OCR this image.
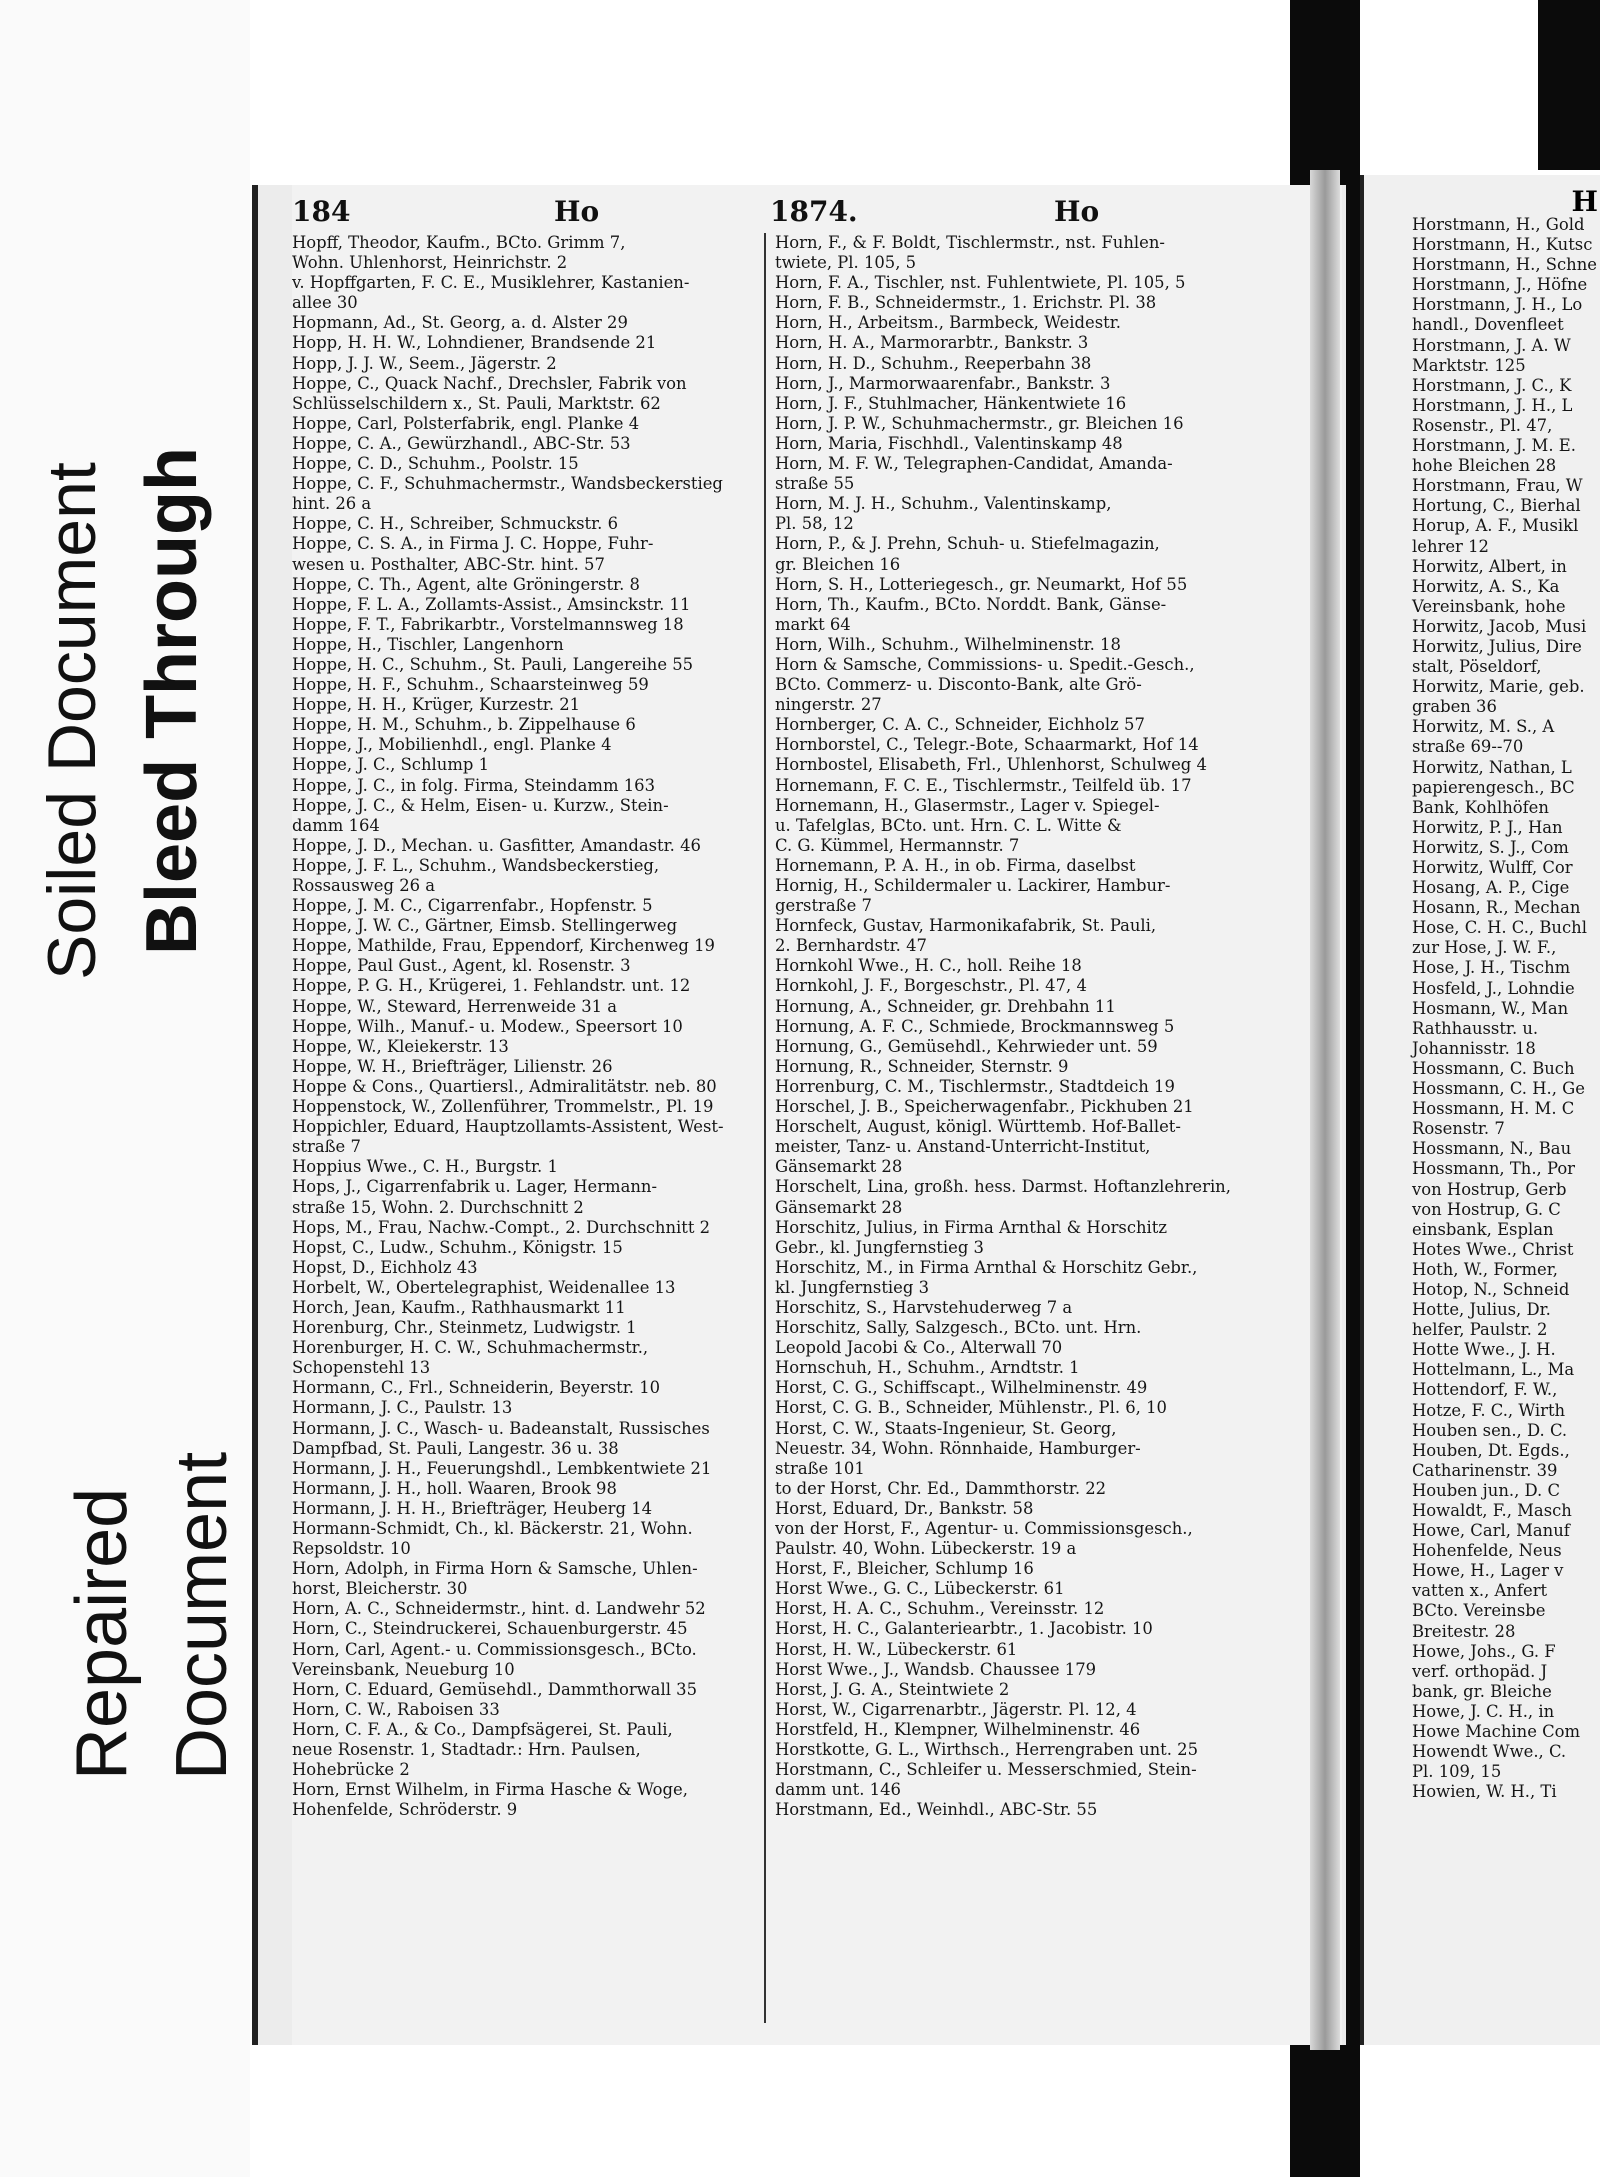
Soiled Document Bleed Through
Repaired Document
184	Ho	1874.	Ho
Hopff, Theodor, Kaufm., BCto. Grimm 7,
Wohn. Uhlenhorst, Heinrichstr. 2
v. Hopffgarten, F. C. E., Musiklehrer, Kastanien-
allee 30
Hopmann, Ad., St. Georg, a. d. Alster 29
Hopp, H. H. W., Lohndiener, Brandsende 21
Hopp, J. J. W., Seem., Jägerstr. 2
Hoppe, C., Quack Nachf., Drechsler, Fabrik von
Schlüsselschildern x., St. Pauli, Marktstr. 62
Hoppe, Carl, Polsterfabrik, engl. Planke 4
Hoppe, C. A., Gewürzhandl., ABC-Str. 53
Hoppe, C. D., Schuhm., Poolstr. 15
Hoppe, C. F., Schuhmachermstr., Wandsbeckerstieg
hint. 26 a
Hoppe, C. H., Schreiber, Schmuckstr. 6
Hoppe, C. S. A., in Firma J. C. Hoppe, Fuhr-
wesen u. Posthalter, ABC-Str. hint. 57
Hoppe, C. Th., Agent, alte Gröningerstr. 8
Hoppe, F. L. A., Zollamts-Assist., Amsinckstr. 11
Hoppe, F. T., Fabrikarbtr., Vorstelmannsweg 18
Hoppe, H., Tischler, Langenhorn
Hoppe, H. C., Schuhm., St. Pauli, Langereihe 55
Hoppe, H. F., Schuhm., Schaarsteinweg 59
Hoppe, H. H., Krüger, Kurzestr. 21
Hoppe, H. M., Schuhm., b. Zippelhause 6
Hoppe, J., Mobilienhdl., engl. Planke 4
Hoppe, J. C., Schlump 1
Hoppe, J. C., in folg. Firma, Steindamm 163
Hoppe, J. C., & Helm, Eisen- u. Kurzw., Stein-
damm 164
Hoppe, J. D., Mechan. u. Gasfitter, Amandastr. 46
Hoppe, J. F. L., Schuhm., Wandsbeckerstieg,
Rossausweg 26 a
Hoppe, J. M. C., Cigarrenfabr., Hopfenstr. 5
Hoppe, J. W. C., Gärtner, Eimsb. Stellingerweg
Hoppe, Mathilde, Frau, Eppendorf, Kirchenweg 19
Hoppe, Paul Gust., Agent, kl. Rosenstr. 3
Hoppe, P. G. H., Krügerei, 1. Fehlandstr. unt. 12
Hoppe, W., Steward, Herrenweide 31 a
Hoppe, Wilh., Manuf.- u. Modew., Speersort 10
Hoppe, W., Kleiekerstr. 13
Hoppe, W. H., Briefträger, Lilienstr. 26
Hoppe & Cons., Quartiersl., Admiralitätstr. neb. 80
Hoppenstock, W., Zollenführer, Trommelstr., Pl. 19
Hoppichler, Eduard, Hauptzollamts-Assistent, West-
straße 7
Hoppius Wwe., C. H., Burgstr. 1
Hops, J., Cigarrenfabrik u. Lager, Hermann-
straße 15, Wohn. 2. Durchschnitt 2
Hops, M., Frau, Nachw.-Compt., 2. Durchschnitt 2
Hopst, C., Ludw., Schuhm., Königstr. 15
Hopst, D., Eichholz 43
Horbelt, W., Obertelegraphist, Weidenallee 13
Horch, Jean, Kaufm., Rathhausmarkt 11
Horenburg, Chr., Steinmetz, Ludwigstr. 1
Horenburger, H. C. W., Schuhmachermstr.,
Schopenstehl 13
Hormann, C., Frl., Schneiderin, Beyerstr. 10
Hormann, J. C., Paulstr. 13
Hormann, J. C., Wasch- u. Badeanstalt, Russisches
Dampfbad, St. Pauli, Langestr. 36 u. 38
Hormann, J. H., Feuerungshdl., Lembkentwiete 21
Hormann, J. H., holl. Waaren, Brook 98
Hormann, J. H. H., Briefträger, Heuberg 14
Hormann-Schmidt, Ch., kl. Bäckerstr. 21, Wohn.
Repsoldstr. 10
Horn, Adolph, in Firma Horn & Samsche, Uhlen-
horst, Bleicherstr. 30
Horn, A. C., Schneidermstr., hint. d. Landwehr 52
Horn, C., Steindruckerei, Schauenburgerstr. 45
Horn, Carl, Agent.- u. Commissionsgesch., BCto.
Vereinsbank, Neueburg 10
Horn, C. Eduard, Gemüsehdl., Dammthorwall 35
Horn, C. W., Raboisen 33
Horn, C. F. A., & Co., Dampfsägerei, St. Pauli,
neue Rosenstr. 1, Stadtadr.: Hrn. Paulsen,
Hohebrücke 2
Horn, Ernst Wilhelm, in Firma Hasche & Woge,
Hohenfelde, Schröderstr. 9
Horn, F., & F. Boldt, Tischlermstr., nst. Fuhlen-
twiete, Pl. 105, 5
Horn, F. A., Tischler, nst. Fuhlentwiete, Pl. 105, 5
Horn, F. B., Schneidermstr., 1. Erichstr. Pl. 38
Horn, H., Arbeitsm., Barmbeck, Weidestr.
Horn, H. A., Marmorarbtr., Bankstr. 3
Horn, H. D., Schuhm., Reeperbahn 38
Horn, J., Marmorwaarenfabr., Bankstr. 3
Horn, J. F., Stuhlmacher, Hänkentwiete 16
Horn, J. P. W., Schuhmachermstr., gr. Bleichen 16
Horn, Maria, Fischhdl., Valentinskamp 48
Horn, M. F. W., Telegraphen-Candidat, Amanda-
straße 55
Horn, M. J. H., Schuhm., Valentinskamp,
Pl. 58, 12
Horn, P., & J. Prehn, Schuh- u. Stiefelmagazin,
gr. Bleichen 16
Horn, S. H., Lotteriegesch., gr. Neumarkt, Hof 55
Horn, Th., Kaufm., BCto. Norddt. Bank, Gänse-
markt 64
Horn, Wilh., Schuhm., Wilhelminenstr. 18
Horn & Samsche, Commissions- u. Spedit.-Gesch.,
BCto. Commerz- u. Disconto-Bank, alte Grö-
ningerstr. 27
Hornberger, C. A. C., Schneider, Eichholz 57
Hornborstel, C., Telegr.-Bote, Schaarmarkt, Hof 14
Hornbostel, Elisabeth, Frl., Uhlenhorst, Schulweg 4
Hornemann, F. C. E., Tischlermstr., Teilfeld üb. 17
Hornemann, H., Glasermstr., Lager v. Spiegel-
u. Tafelglas, BCto. unt. Hrn. C. L. Witte &
C. G. Kümmel, Hermannstr. 7
Hornemann, P. A. H., in ob. Firma, daselbst
Hornig, H., Schildermaler u. Lackirer, Hambur-
gerstraße 7
Hornfeck, Gustav, Harmonikafabrik, St. Pauli,
2. Bernhardstr. 47
Hornkohl Wwe., H. C., holl. Reihe 18
Hornkohl, J. F., Borgeschstr., Pl. 47, 4
Hornung, A., Schneider, gr. Drehbahn 11
Hornung, A. F. C., Schmiede, Brockmannsweg 5
Hornung, G., Gemüsehdl., Kehrwieder unt. 59
Hornung, R., Schneider, Sternstr. 9
Horrenburg, C. M., Tischlermstr., Stadtdeich 19
Horschel, J. B., Speicherwagenfabr., Pickhuben 21
Horschelt, August, königl. Württemb. Hof-Ballet-
meister, Tanz- u. Anstand-Unterricht-Institut,
Gänsemarkt 28
Horschelt, Lina, großh. hess. Darmst. Hoftanzlehrerin,
Gänsemarkt 28
Horschitz, Julius, in Firma Arnthal & Horschitz
Gebr., kl. Jungfernstieg 3
Horschitz, M., in Firma Arnthal & Horschitz Gebr.,
kl. Jungfernstieg 3
Horschitz, S., Harvstehuderweg 7 a
Horschitz, Sally, Salzgesch., BCto. unt. Hrn.
Leopold Jacobi & Co., Alterwall 70
Hornschuh, H., Schuhm., Arndtstr. 1
Horst, C. G., Schiffscapt., Wilhelminenstr. 49
Horst, C. G. B., Schneider, Mühlenstr., Pl. 6, 10
Horst, C. W., Staats-Ingenieur, St. Georg,
Neuestr. 34, Wohn. Rönnhaide, Hamburger-
straße 101
to der Horst, Chr. Ed., Dammthorstr. 22
Horst, Eduard, Dr., Bankstr. 58
von der Horst, F., Agentur- u. Commissionsgesch.,
Paulstr. 40, Wohn. Lübeckerstr. 19 a
Horst, F., Bleicher, Schlump 16
Horst Wwe., G. C., Lübeckerstr. 61
Horst, H. A. C., Schuhm., Vereinsstr. 12
Horst, H. C., Galanteriearbtr., 1. Jacobistr. 10
Horst, H. W., Lübeckerstr. 61
Horst Wwe., J., Wandsb. Chaussee 179
Horst, J. G. A., Steintwiete 2
Horst, W., Cigarrenarbtr., Jägerstr. Pl. 12, 4
Horstfeld, H., Klempner, Wilhelminenstr. 46
Horstkotte, G. L., Wirthsch., Herrengraben unt. 25
Horstmann, C., Schleifer u. Messerschmied, Stein-
damm unt. 146
Horstmann, Ed., Weinhdl., ABC-Str. 55
H
Horstmann, H., Gold
Horstmann, H., Kutsc
Horstmann, H., Schne
Horstmann, J., Höfne
Horstmann, J. H., Lo
handl., Dovenfleet
Horstmann, J. A. W
Marktstr. 125
Horstmann, J. C., K
Horstmann, J. H., L
Rosenstr., Pl. 47,
Horstmann, J. M. E.
hohe Bleichen 28
Horstmann, Frau, W
Hortung, C., Bierhal
Horup, A. F., Musikl
lehrer 12
Horwitz, Albert, in
Horwitz, A. S., Ka
Vereinsbank, hohe
Horwitz, Jacob, Musi
Horwitz, Julius, Dire
stalt, Pöseldorf,
Horwitz, Marie, geb.
graben 36
Horwitz, M. S., A
straße 69--70
Horwitz, Nathan, L
papierengesch., BC
Bank, Kohlhöfen
Horwitz, P. J., Han
Horwitz, S. J., Com
Horwitz, Wulff, Cor
Hosang, A. P., Cige
Hosann, R., Mechan
Hose, C. H. C., Buchl
zur Hose, J. W. F.,
Hose, J. H., Tischm
Hosfeld, J., Lohndie
Hosmann, W., Man
Rathhausstr. u.
Johannisstr. 18
Hossmann, C. Buch
Hossmann, C. H., Ge
Hossmann, H. M. C
Rosenstr. 7
Hossmann, N., Bau
Hossmann, Th., Por
von Hostrup, Gerb
von Hostrup, G. C
einsbank, Esplan
Hotes Wwe., Christ
Hoth, W., Former,
Hotop, N., Schneid
Hotte, Julius, Dr.
helfer, Paulstr. 2
Hotte Wwe., J. H.
Hottelmann, L., Ma
Hottendorf, F. W.,
Hotze, F. C., Wirth
Houben sen., D. C.
Houben, Dt. Egds.,
Catharinenstr. 39
Houben jun., D. C
Howaldt, F., Masch
Howe, Carl, Manuf
Hohenfelde, Neus
Howe, H., Lager v
vatten x., Anfert
BCto. Vereinsbe
Breitestr. 28
Howe, Johs., G. F
verf. orthopäd. J
bank, gr. Bleiche
Howe, J. C. H., in
Howe Machine Com
Howendt Wwe., C.
Pl. 109, 15
Howien, W. H., Ti
